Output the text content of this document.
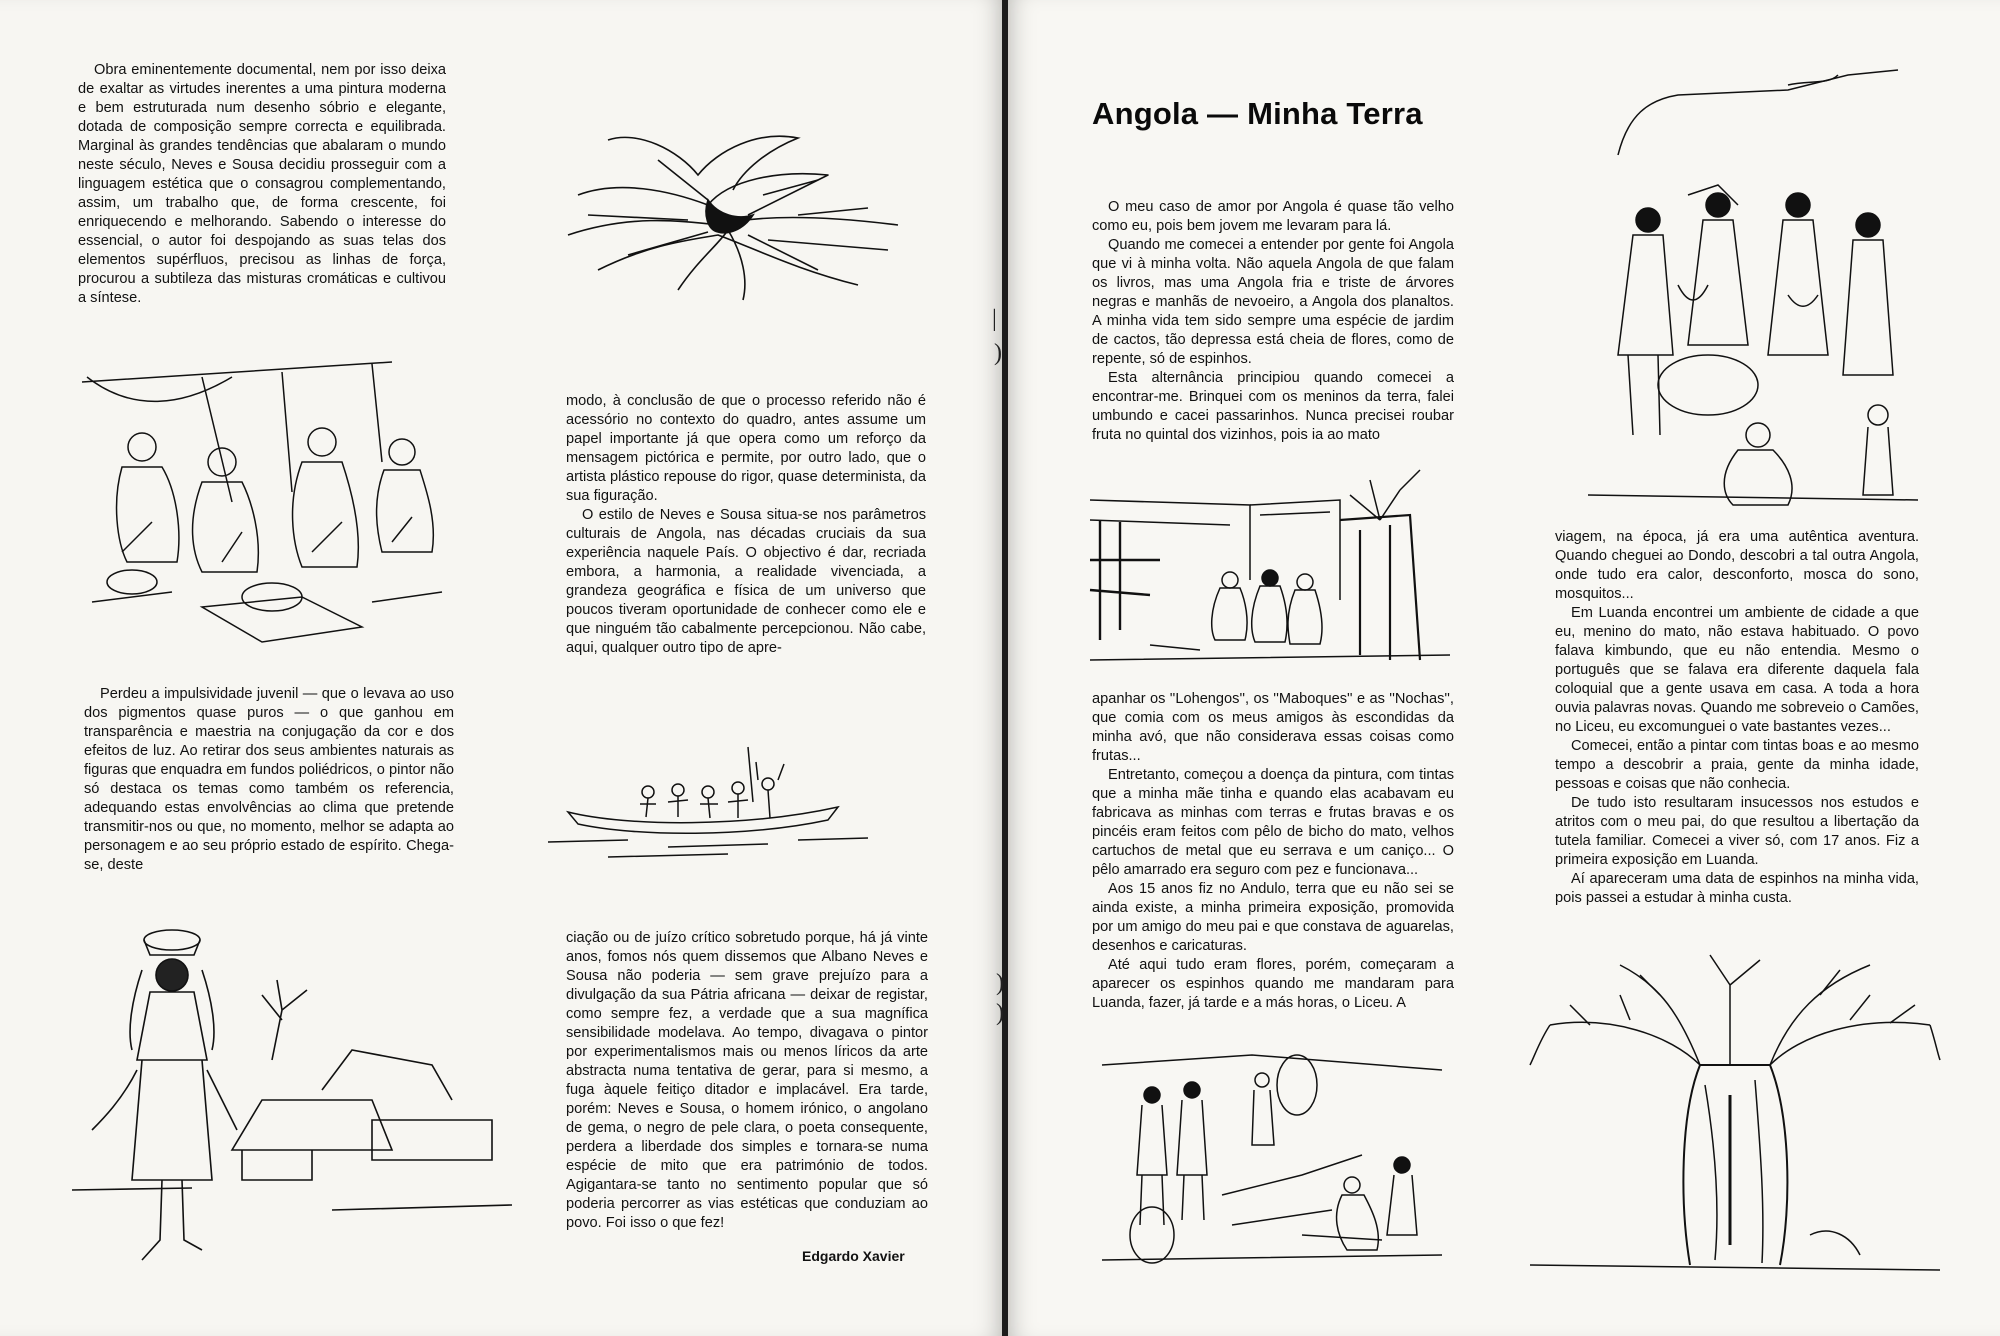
Obra eminentemente documental, nem por isso deixa de exaltar as virtudes inerentes a uma pintura moderna e bem estruturada num desenho sóbrio e elegante, dotada de composição sempre correcta e equilibrada. Marginal às grandes tendências que abalaram o mundo neste século, Neves e Sousa decidiu prosseguir com a linguagem estética que o consagrou complementando, assim, um trabalho que, de forma crescente, foi enriquecendo e melhorando. Sabendo o interesse do essencial, o autor foi despojando as suas telas dos elementos supérfluos, precisou as linhas de força, procurou a subtileza das misturas cromáticas e cultivou a síntese.

Perdeu a impulsividade juvenil — que o levava ao uso dos pigmentos quase puros — o que ganhou em transparência e maestria na conjugação da cor e dos efeitos de luz. Ao retirar dos seus ambientes naturais as figuras que enquadra em fundos poliédricos, o pintor não só destaca os temas como também os referencia, adequando estas envolvências ao clima que pretende transmitir-nos ou que, no momento, melhor se adapta ao personagem e ao seu próprio estado de espírito. Chega-se, deste

modo, à conclusão de que o processo referido não é acessório no contexto do quadro, antes assume um papel importante já que opera como um reforço da mensagem pictórica e permite, por outro lado, que o artista plástico repouse do rigor, quase determinista, da sua figuração.

O estilo de Neves e Sousa situa-se nos parâmetros culturais de Angola, nas décadas cruciais da sua experiência naquele País. O objectivo é dar, recriada embora, a harmonia, a realidade vivenciada, a grandeza geográfica e física de um universo que poucos tiveram oportunidade de conhecer como ele e que ninguém tão cabalmente percepcionou. Não cabe, aqui, qualquer outro tipo de apre-

ciação ou de juízo crítico sobretudo porque, há já vinte anos, fomos nós quem dissemos que Albano Neves e Sousa não poderia — sem grave prejuízo para a divulgação da sua Pátria africana — deixar de registar, como sempre fez, a verdade que a sua magnífica sensibilidade modelava. Ao tempo, divagava o pintor por experimentalismos mais ou menos líricos da arte abstracta numa tentativa de gerar, para si mesmo, a fuga àquele feitiço ditador e implacável. Era tarde, porém: Neves e Sousa, o homem irónico, o angolano de gema, o negro de pele clara, o poeta consequente, perdera a liberdade dos simples e tornara-se numa espécie de mito que era património de todos. Agigantara-se tanto no sentimento popular que só poderia percorrer as vias estéticas que conduziam ao povo. Foi isso o que fez!

Edgardo Xavier
|
)
Angola — Minha Terra

O meu caso de amor por Angola é quase tão velho como eu, pois bem jovem me levaram para lá.

Quando me comecei a entender por gente foi Angola que vi à minha volta. Não aquela Angola de que falam os livros, mas uma Angola fria e triste de árvores negras e manhãs de nevoeiro, a Angola dos planaltos. A minha vida tem sido sempre uma espécie de jardim de cactos, tão depressa está cheia de flores, como de repente, só de espinhos.

Esta alternância principiou quando comecei a encontrar-me. Brinquei com os meninos da terra, falei umbundo e cacei passarinhos. Nunca precisei roubar fruta no quintal dos vizinhos, pois ia ao mato

apanhar os ''Lohengos'', os ''Maboques'' e as ''Nochas'', que comia com os meus amigos às escondidas da minha avó, que não considerava essas coisas como frutas...

Entretanto, começou a doença da pintura, com tintas que a minha mãe tinha e quando elas acabavam eu fabricava as minhas com terras e frutas bravas e os pincéis eram feitos com pêlo de bicho do mato, velhos cartuchos de metal que eu serrava e um caniço... O pêlo amarrado era seguro com pez e funcionava...

Aos 15 anos fiz no Andulo, terra que eu não sei se ainda existe, a minha primeira exposição, promovida por um amigo do meu pai e que constava de aguarelas, desenhos e caricaturas.

Até aqui tudo eram flores, porém, começaram a aparecer os espinhos quando me mandaram para Luanda, fazer, já tarde e a más horas, o Liceu. A

viagem, na época, já era uma autêntica aventura. Quando cheguei ao Dondo, descobri a tal outra Angola, onde tudo era calor, desconforto, mosca do sono, mosquitos...

Em Luanda encontrei um ambiente de cidade a que eu, menino do mato, não estava habituado. O povo falava kimbundo, que eu não entendia. Mesmo o português que se falava era diferente daquela fala coloquial que a gente usava em casa. A toda a hora ouvia palavras novas. Quando me sobreveio o Camões, no Liceu, eu excomunguei o vate bastantes vezes...

Comecei, então a pintar com tintas boas e ao mesmo tempo a descobrir a praia, gente da minha idade, pessoas e coisas que não conhecia.

De tudo isto resultaram insucessos nos estudos e atritos com o meu pai, do que resultou a libertação da tutela familiar. Comecei a viver só, com 17 anos. Fiz a primeira exposição em Luanda.

Aí apareceram uma data de espinhos na minha vida, pois passei a estudar à minha custa.

)
)
